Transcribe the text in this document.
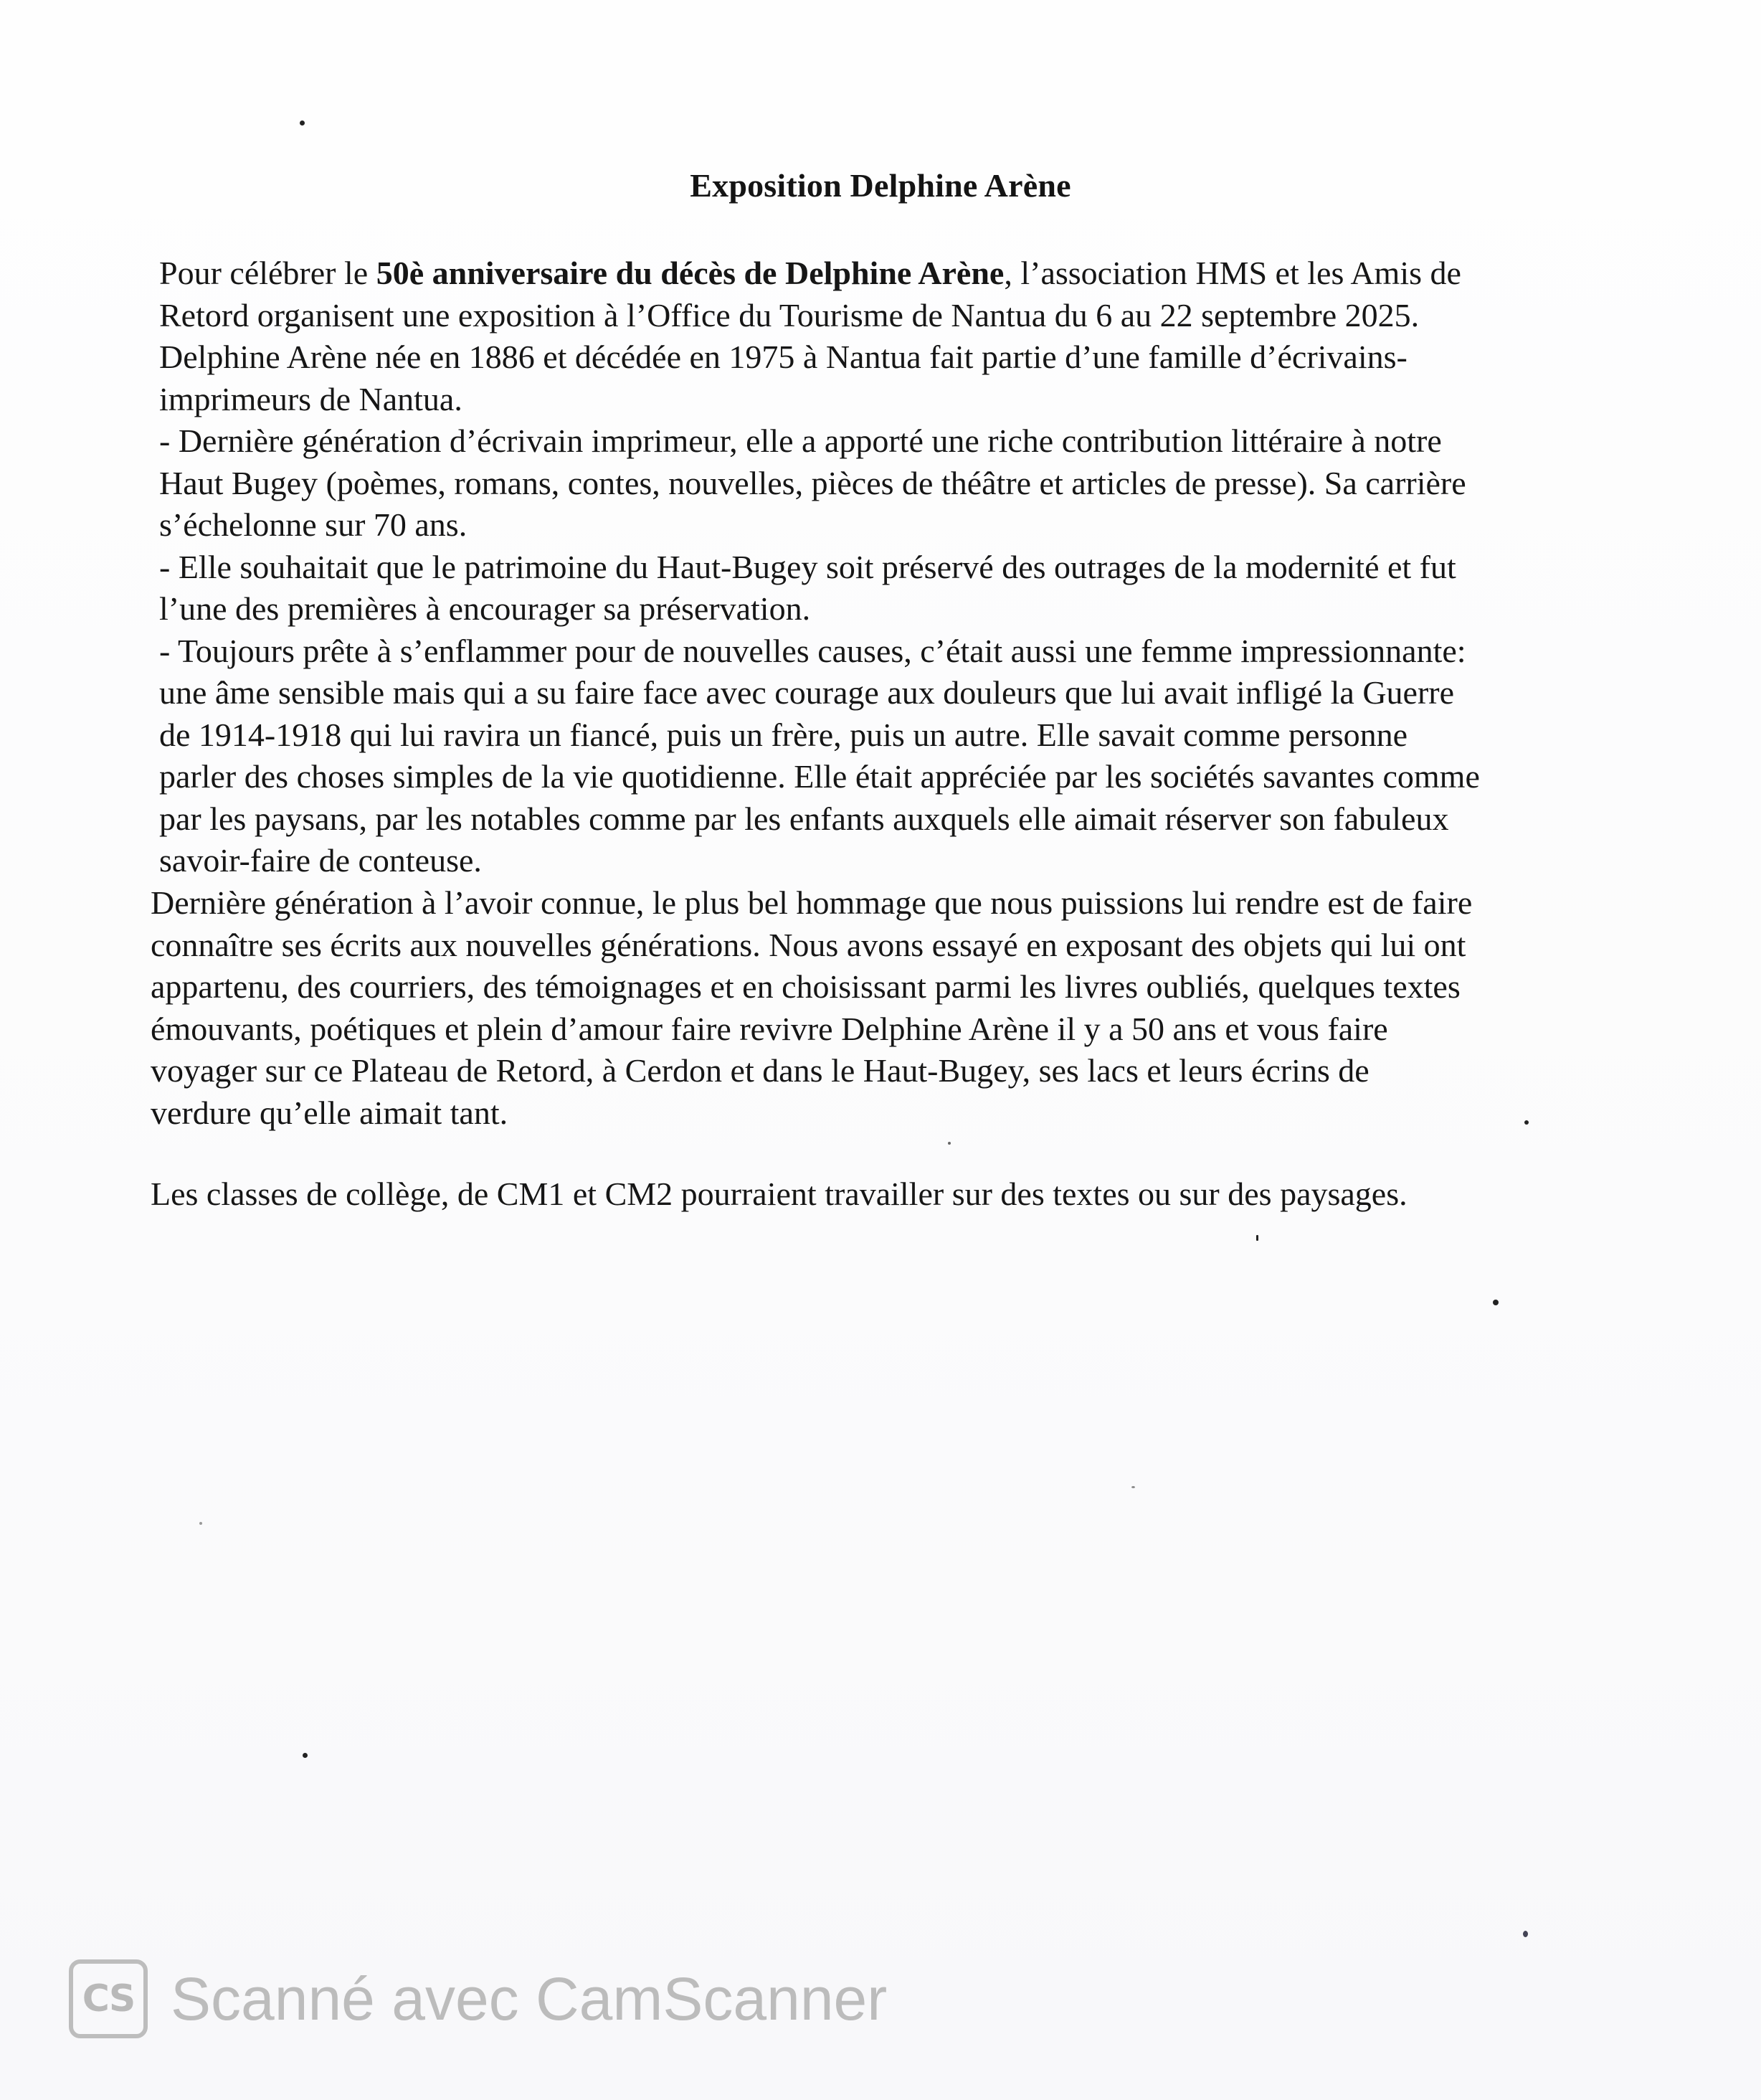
Exposition Delphine Arène
Pour célébrer le 50è anniversaire du décès de Delphine Arène, l’association HMS et les Amis de
Retord organisent une exposition à l’Office du Tourisme de Nantua du 6 au 22 septembre 2025.
Delphine Arène née en 1886 et décédée en 1975 à Nantua fait partie d’une famille d’écrivains-
imprimeurs de Nantua.
- Dernière génération d’écrivain imprimeur, elle a apporté une riche contribution littéraire à notre
Haut Bugey (poèmes, romans, contes, nouvelles, pièces de théâtre et articles de presse). Sa carrière
s’échelonne sur 70 ans.
- Elle souhaitait que le patrimoine du Haut-Bugey soit préservé des outrages de la modernité et fut
l’une des premières à encourager sa préservation.
- Toujours prête à s’enflammer pour de nouvelles causes, c’était aussi une femme impressionnante:
une âme sensible mais qui a su faire face avec courage aux douleurs que lui avait infligé la Guerre
de 1914-1918 qui lui ravira un fiancé, puis un frère, puis un autre. Elle savait comme personne
parler des choses simples de la vie quotidienne. Elle était appréciée par les sociétés savantes comme
par les paysans, par les notables comme par les enfants auxquels elle aimait réserver son fabuleux
savoir-faire de conteuse.
Dernière génération à l’avoir connue, le plus bel hommage que nous puissions lui rendre est de faire
connaître ses écrits aux nouvelles générations. Nous avons essayé en exposant des objets qui lui ont
appartenu, des courriers, des témoignages et en choisissant parmi les livres oubliés, quelques textes
émouvants, poétiques et plein d’amour faire revivre Delphine Arène il y a 50 ans et vous faire
voyager sur ce Plateau de Retord, à Cerdon et dans le Haut-Bugey, ses lacs et leurs écrins de
verdure qu’elle aimait tant.
Les classes de collège, de CM1 et CM2 pourraient travailler sur des textes ou sur des paysages.
CS Scanné avec CamScanner
